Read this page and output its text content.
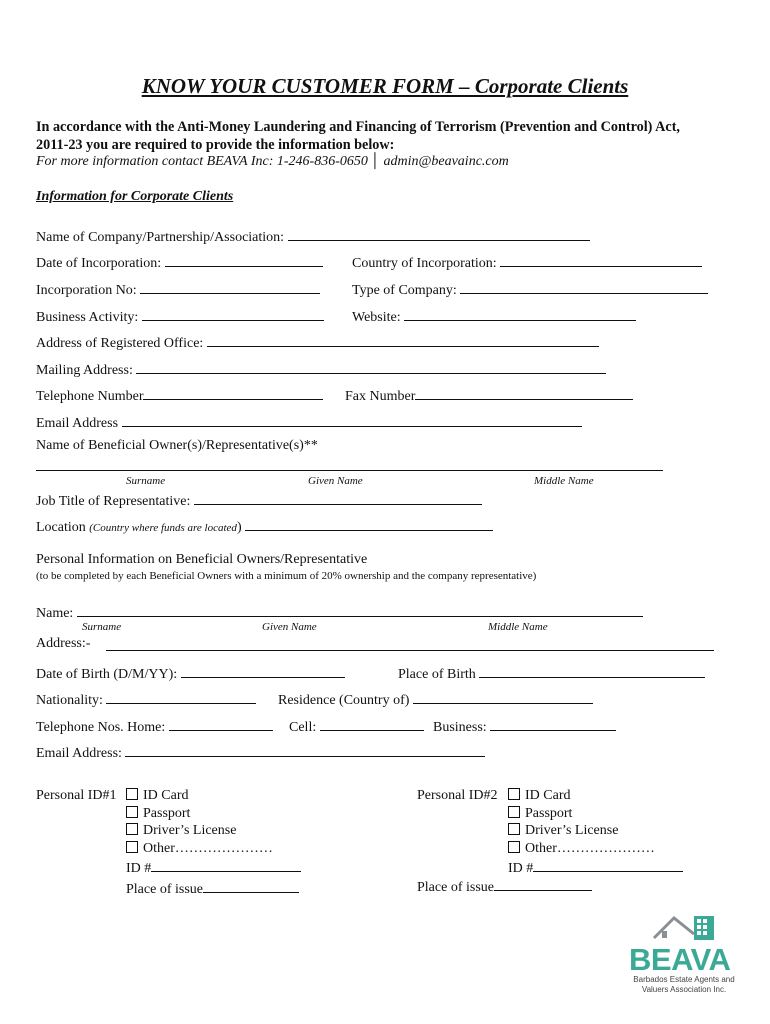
KNOW YOUR CUSTOMER FORM – Corporate Clients
In accordance with the Anti-Money Laundering and Financing of Terrorism (Prevention and Control) Act,
2011-23 you are required to provide the information below:
For more information contact BEAVA Inc: 1-246-836-0650 │ admin@beavainc.com
Information for Corporate Clients
Name of Company/Partnership/Association:
Date of Incorporation:	Country of Incorporation:
Incorporation No:	Type of Company:
Business Activity:	Website:
Address of Registered Office:
Mailing Address:
Telephone Number	Fax Number
Email Address
Name of Beneficial Owner(s)/Representative(s)**
Surname	Given Name	Middle Name
Job Title of Representative:
Location (Country where funds are located)
Personal Information on Beneficial Owners/Representative
(to be completed by each Beneficial Owners with a minimum of 20% ownership and the company representative)
Name:
Surname	Given Name	Middle Name
Address:-
Date of Birth (D/M/YY):	Place of Birth
Nationality:	Residence (Country of)
Telephone Nos. Home:	Cell:	Business:
Email Address:
Personal ID#1	ID Card
Passport
Driver’s License
Other…………………
ID #
Place of issue
Personal ID#2	ID Card
Passport
Driver’s License
Other…………………
ID #
Place of issue
BEAVA
Barbados Estate Agents and
Valuers Association Inc.
